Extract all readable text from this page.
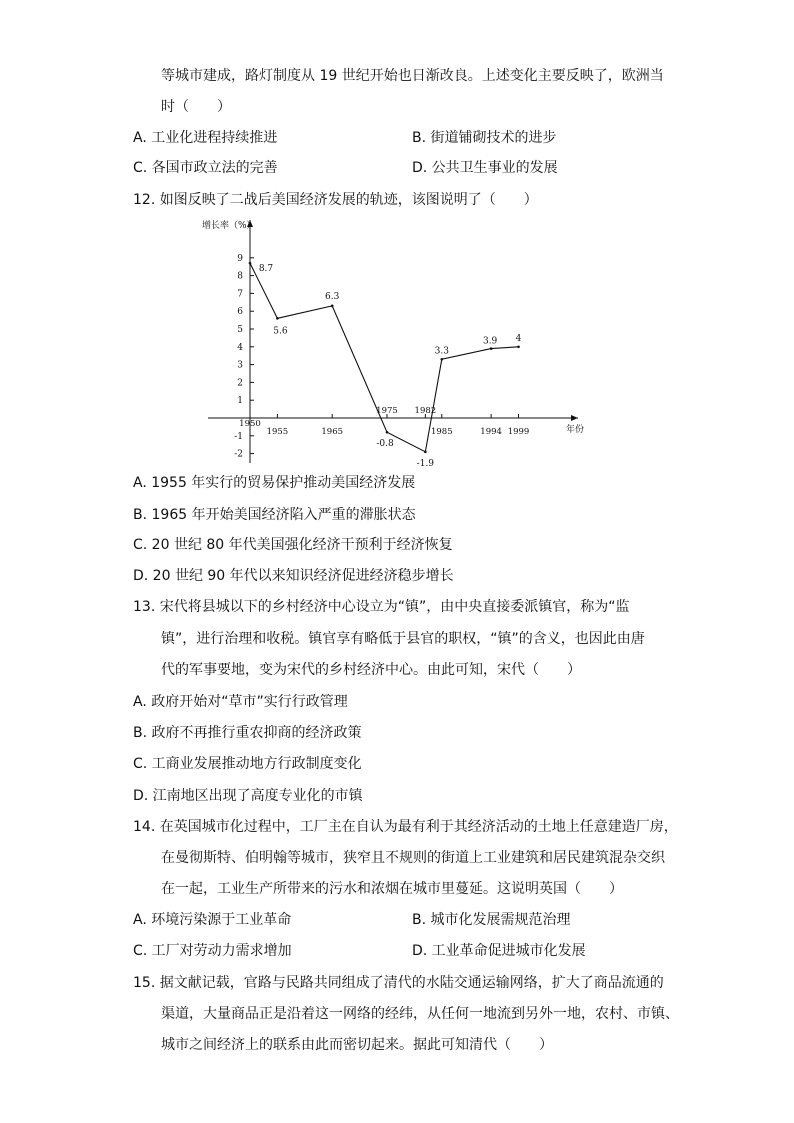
等城市建成，路灯制度从 19 世纪开始也日渐改良。上述变化主要反映了，欧洲当
时（　　）
A. 工业化进程持续推进	B. 街道铺砌技术的进步
C. 各国市政立法的完善	D. 公共卫生事业的发展
12. 如图反映了二战后美国经济发展的轨迹，该图说明了（　　）
增长率（%）
年份
-2
-1
1
2
3
4
5
6
7
8
9
1950
1955	1965
1975 1982
1985	1994 1999
8.7
5.6
6.3
-0.8
-1.9
3.3
3.9 4
A. 1955 年实行的贸易保护推动美国经济发展
B. 1965 年开始美国经济陷入严重的滞胀状态
C. 20 世纪 80 年代美国强化经济干预利于经济恢复
D. 20 世纪 90 年代以来知识经济促进经济稳步增长
13. 宋代将县城以下的乡村经济中心设立为“镇”，由中央直接委派镇官，称为“监
镇”，进行治理和收税。镇官享有略低于县官的职权，“镇”的含义，也因此由唐
代的军事要地，变为宋代的乡村经济中心。由此可知，宋代（　　）
A. 政府开始对“草市”实行行政管理
B. 政府不再推行重农抑商的经济政策
C. 工商业发展推动地方行政制度变化
D. 江南地区出现了高度专业化的市镇
14. 在英国城市化过程中，工厂主在自认为最有利于其经济活动的土地上任意建造厂房，
在曼彻斯特、伯明翰等城市，狭窄且不规则的街道上工业建筑和居民建筑混杂交织
在一起，工业生产所带来的污水和浓烟在城市里蔓延。这说明英国（　　）
A. 环境污染源于工业革命	B. 城市化发展需规范治理
C. 工厂对劳动力需求增加	D. 工业革命促进城市化发展
15. 据文献记载，官路与民路共同组成了清代的水陆交通运输网络，扩大了商品流通的
渠道，大量商品正是沿着这一网络的经纬，从任何一地流到另外一地，农村、市镇、
城市之间经济上的联系由此而密切起来。据此可知清代（　　）
